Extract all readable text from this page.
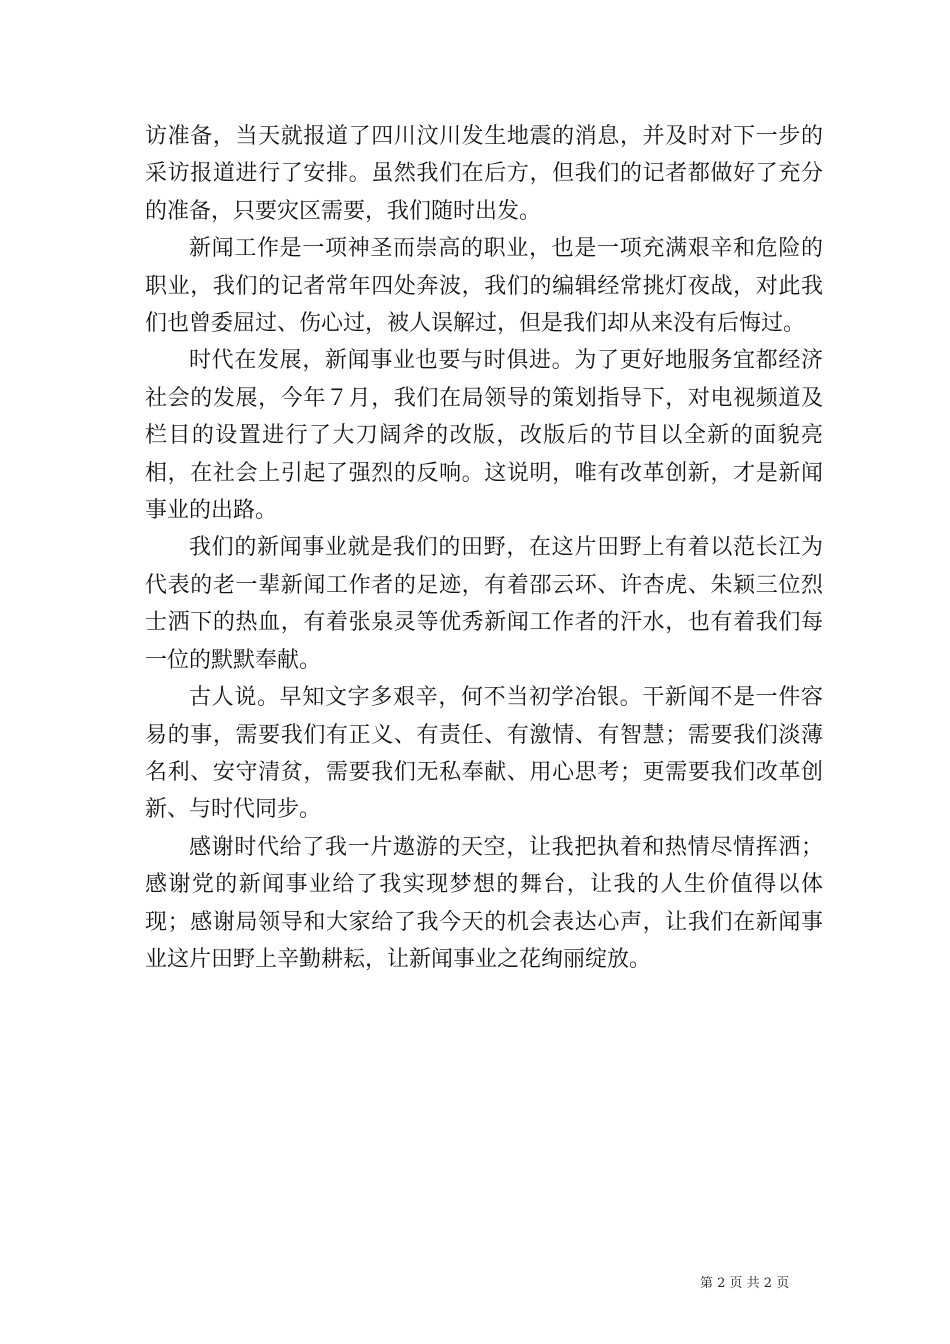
访准备，当天就报道了四川汶川发生地震的消息，并及时对下一步的采访报道进行了安排。虽然我们在后方，但我们的记者都做好了充分的准备，只要灾区需要，我们随时出发。

新闻工作是一项神圣而崇高的职业，也是一项充满艰辛和危险的职业，我们的记者常年四处奔波，我们的编辑经常挑灯夜战，对此我们也曾委屈过、伤心过，被人误解过，但是我们却从来没有后悔过。

时代在发展，新闻事业也要与时俱进。为了更好地服务宜都经济社会的发展，今年７月，我们在局领导的策划指导下，对电视频道及栏目的设置进行了大刀阔斧的改版，改版后的节目以全新的面貌亮相，在社会上引起了强烈的反响。这说明，唯有改革创新，才是新闻事业的出路。

我们的新闻事业就是我们的田野，在这片田野上有着以范长江为代表的老一辈新闻工作者的足迹，有着邵云环、许杏虎、朱颖三位烈士洒下的热血，有着张泉灵等优秀新闻工作者的汗水，也有着我们每一位的默默奉献。

古人说。早知文字多艰辛，何不当初学冶银。干新闻不是一件容易的事，需要我们有正义、有责任、有激情、有智慧；需要我们淡薄名利、安守清贫，需要我们无私奉献、用心思考；更需要我们改革创新、与时代同步。

感谢时代给了我一片遨游的天空，让我把执着和热情尽情挥洒；感谢党的新闻事业给了我实现梦想的舞台，让我的人生价值得以体现；感谢局领导和大家给了我今天的机会表达心声，让我们在新闻事业这片田野上辛勤耕耘，让新闻事业之花绚丽绽放。

第 2 页 共 2 页
